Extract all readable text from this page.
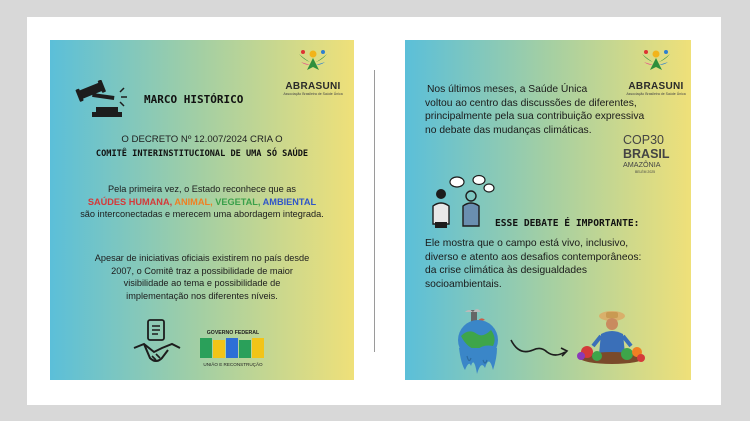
ABRASUNI
Associação Brasileira de Saúde Única
MARCO HISTÓRICO
O DECRETO Nº 12.007/2024 CRIA O
COMITÊ INTERINSTITUCIONAL DE UMA SÓ SAÚDE
Pela primeira vez, o Estado reconhece que as
SAÚDES HUMANA, ANIMAL, VEGETAL, AMBIENTAL
são interconectadas e merecem uma abordagem integrada.
Apesar de iniciativas oficiais existirem no país desde
2007, o Comitê traz a possibilidade de maior
visibilidade ao tema e possibilidade de
implementação nos diferentes níveis.
GOVERNO FEDERAL
UNIÃO E RECONSTRUÇÃO
ABRASUNI
Associação Brasileira de Saúde Única
Nos últimos meses, a Saúde Única
voltou ao centro das discussões de diferentes,
principalmente pela sua contribuição expressiva
no debate das mudanças climáticas.
COP30
BRASIL
AMAZÔNIA
BELÉM 2025
ESSE DEBATE É IMPORTANTE:
Ele mostra que o campo está vivo, inclusivo,
diverso e atento aos desafios contemporâneos:
da crise climática às desigualdades
socioambientais.
